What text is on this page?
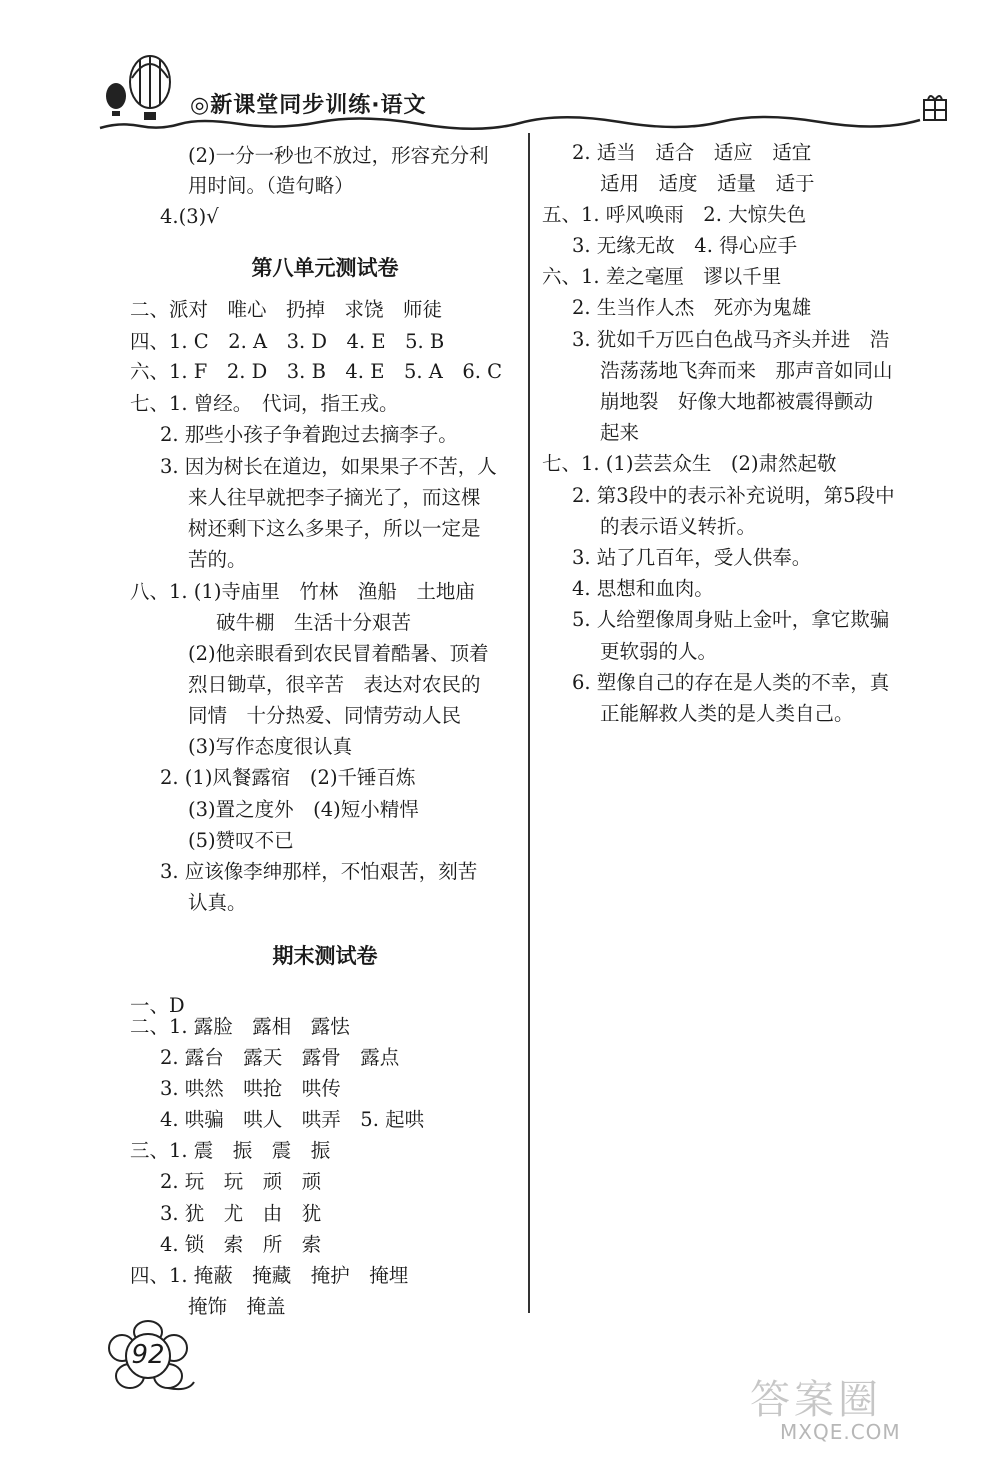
◎新课堂同步训练·语文
(2)一分一秒也不放过，形容充分利
用时间。（造句略）
4.(3)√
第八单元测试卷
二、派对　唯心　扔掉　求饶　师徒
四、1. C　2. A　3. D　4. E　5. B
六、1. F　2. D　3. B　4. E　5. A　6. C
七、1. 曾经。　代词，指王戎。
2. 那些小孩子争着跑过去摘李子。
3. 因为树长在道边，如果果子不苦，人
来人往早就把李子摘光了，而这棵
树还剩下这么多果子，所以一定是
苦的。
八、1. (1)寺庙里　竹林　渔船　土地庙
破牛棚　生活十分艰苦
(2)他亲眼看到农民冒着酷暑、顶着
烈日锄草，很辛苦　表达对农民的
同情　十分热爱、同情劳动人民
(3)写作态度很认真
2. (1)风餐露宿　(2)千锤百炼
(3)置之度外　(4)短小精悍
(5)赞叹不已
3. 应该像李绅那样，不怕艰苦，刻苦
认真。
期末测试卷
一、D
二、1. 露脸　露相　露怯
2. 露台　露天　露骨　露点
3. 哄然　哄抢　哄传
4. 哄骗　哄人　哄弄　5. 起哄
三、1. 震　振　震　振
2. 玩　玩　顽　顽
3. 犹　尤　由　犹
4. 锁　索　所　索
四、1. 掩蔽　掩藏　掩护　掩埋
掩饰　掩盖
2. 适当　适合　适应　适宜
适用　适度　适量　适于
五、1. 呼风唤雨　2. 大惊失色
3. 无缘无故　4. 得心应手
六、1. 差之毫厘　谬以千里
2. 生当作人杰　死亦为鬼雄
3. 犹如千万匹白色战马齐头并进　浩
浩荡荡地飞奔而来　那声音如同山
崩地裂　好像大地都被震得颤动
起来
七、1. (1)芸芸众生　(2)肃然起敬
2. 第3段中的表示补充说明，第5段中
的表示语义转折。
3. 站了几百年，受人供奉。
4. 思想和血肉。
5. 人给塑像周身贴上金叶，拿它欺骗
更软弱的人。
6. 塑像自己的存在是人类的不幸，真
正能解救人类的是人类自己。
92
答案圈
MXQE.COM
